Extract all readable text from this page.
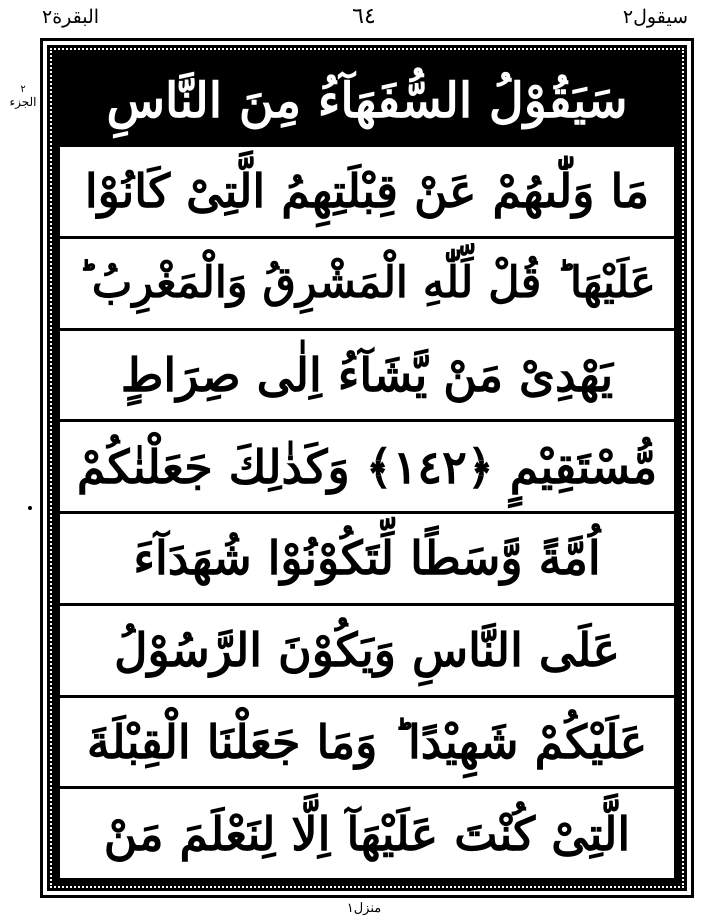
سیقول٢
٦٤
البقرة٢
٢
الجزء سَیَقُوْلُ السُّفَهَآءُ مِنَ النَّاسِ
مَا وَلّٰىهُمْ عَنْ قِبْلَتِهِمُ الَّتِیْ كَانُوْا
عَلَیْهَا ؕ قُلْ لِّلّٰهِ الْمَشْرِقُ وَالْمَغْرِبُ ؕ
یَهْدِیْ مَنْ یَّشَآءُ اِلٰى صِرَاطٍ
مُّسْتَقِیْمٍ ﴿١٤٢﴾ وَكَذٰلِكَ جَعَلْنٰكُمْ
اُمَّةً وَّسَطًا لِّتَكُوْنُوْا شُهَدَآءَ
عَلَى النَّاسِ وَیَكُوْنَ الرَّسُوْلُ
عَلَیْكُمْ شَهِیْدًا ؕ وَمَا جَعَلْنَا الْقِبْلَةَ
الَّتِیْ كُنْتَ عَلَیْهَآ اِلَّا لِنَعْلَمَ مَنْ
منزل١
